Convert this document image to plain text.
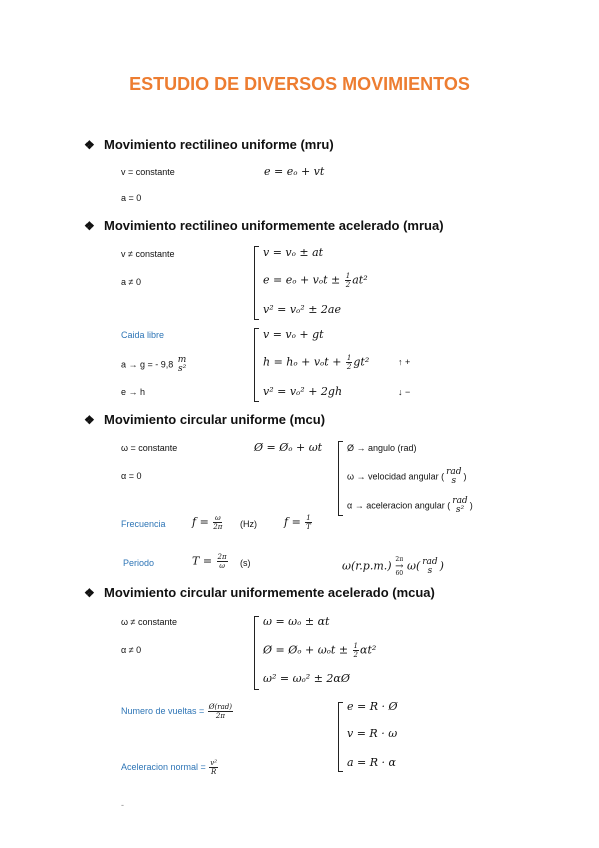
ESTUDIO DE DIVERSOS MOVIMIENTOS
❖ Movimiento rectilineo uniforme (mru)
v = constante	e = eₒ + vt
a = 0
❖ Movimiento rectilineo uniformemente acelerado (mrua)
v ≠ constante
a ≠ 0
v = vₒ ± at
$e = e_o + v_ot \pm \frac{1}{2} at^2$
v² = vₒ² ± 2ae
Caida libre
a → g = - 9,8 m
s²
e → h
v = vₒ + gt
$h = h_o + v_ot + \frac{1}{2} gt^2$	↑ +
v² = vₒ² + 2gh	↓ −
❖ Movimiento circular uniforme (mcu)
ω = constante
α = 0
Ø = Øₒ + ωt	Ø → angulo (rad)
ω → velocidad angular ( rad
s )
α → aceleracion angular ( rad
s² )
Frecuencia $f = \frac{\omega}{2\pi} (Hz) f = \frac{1}{T}$
Periodo	$T = \frac{2\pi}{\omega} (s)$	ω(r.p.m.) 2π
→
60
ω( rad
s )
❖ Movimiento circular uniformemente acelerado (mcua)
ω ≠ constante
α ≠ 0
ω = ωₒ ± αt
Ø = Øₒ + $\omega_ot \pm \frac{1}{2} \alpha t^2$
ω² = ωₒ² ± 2αØ
Numero de vueltas = Ø(rad)
2π
Aceleracion normal = $\frac{\text{v²}}{R}$
e = R · Ø
v = R · ω
a = R · α
-
